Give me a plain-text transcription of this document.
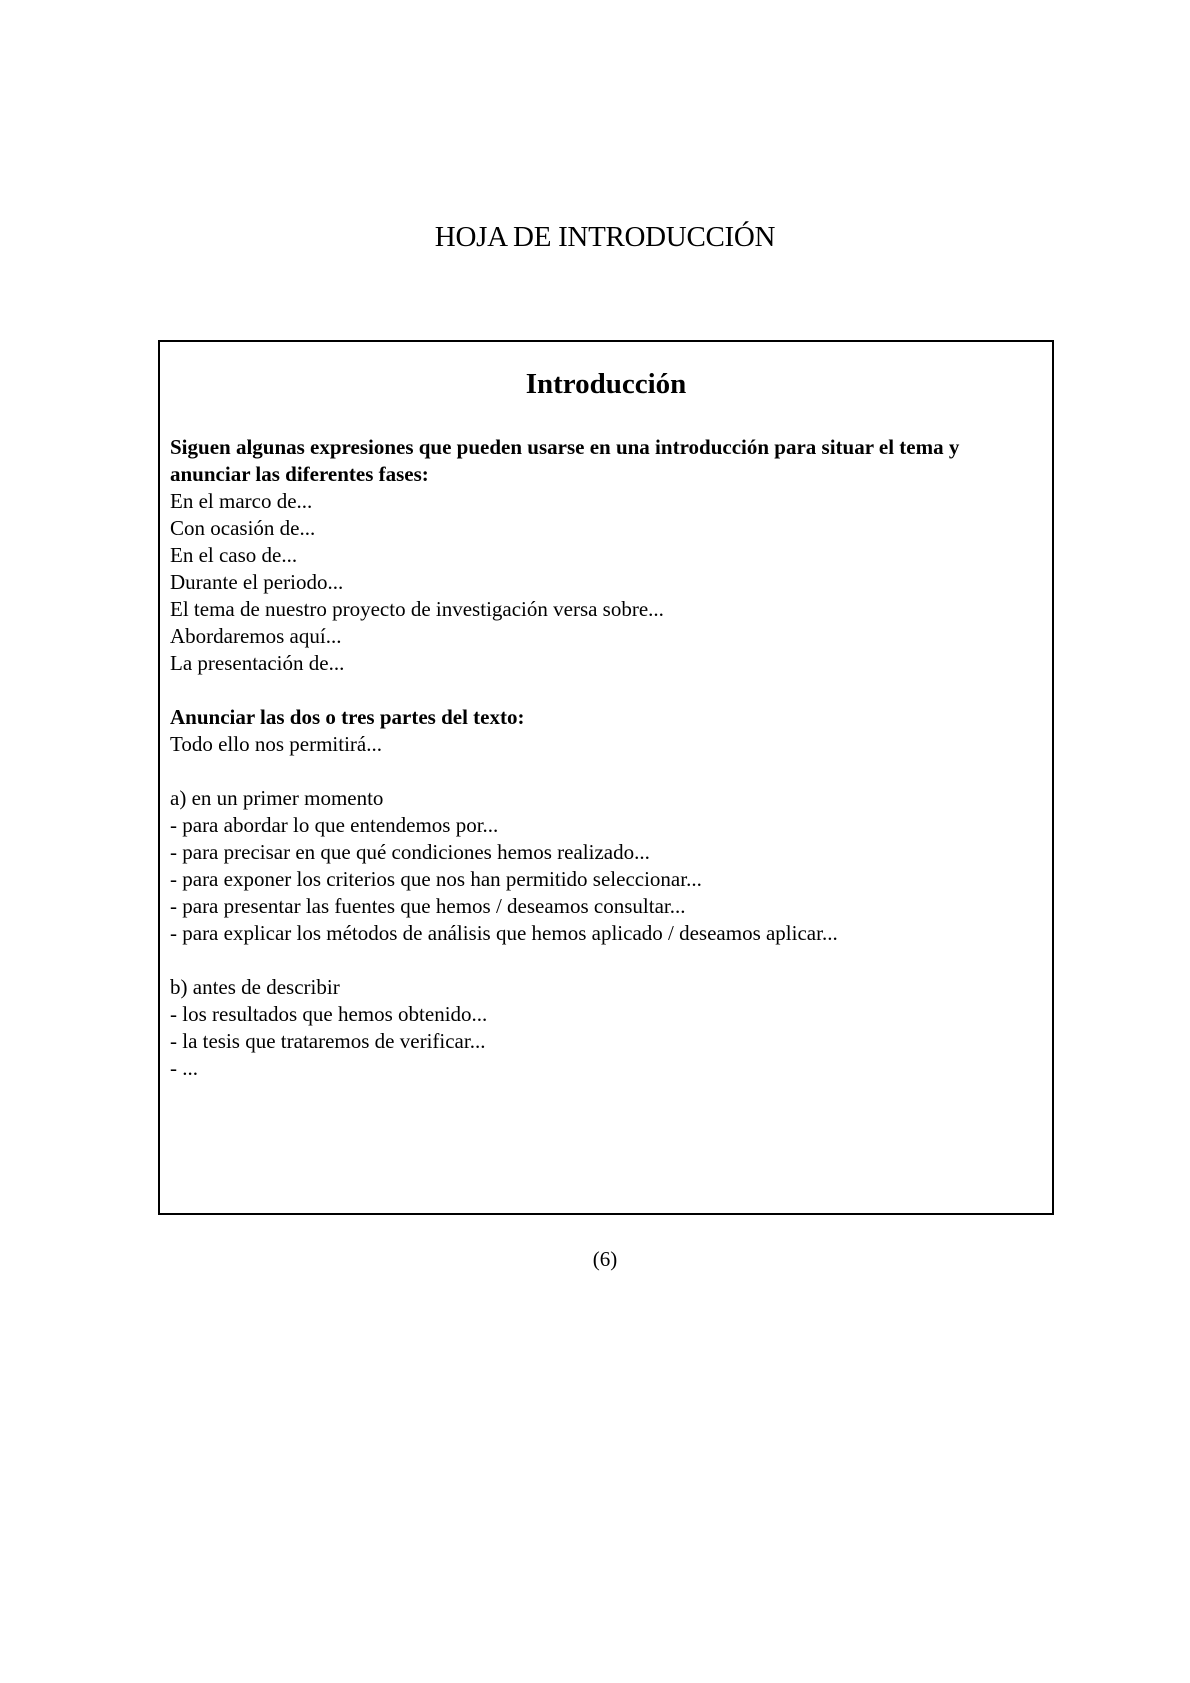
HOJA DE INTRODUCCIÓN
Introducción
Siguen algunas expresiones que pueden usarse en una introducción para situar el tema y
anunciar las diferentes fases:
En el marco de...
Con ocasión de...
En el caso de...
Durante el periodo...
El tema de nuestro proyecto de investigación versa sobre...
Abordaremos aquí...
La presentación de...
Anunciar las dos o tres partes del texto:
Todo ello nos permitirá...
a) en un primer momento
- para abordar lo que entendemos por...
- para precisar en que qué condiciones hemos realizado...
- para exponer los criterios que nos han permitido seleccionar...
- para presentar las fuentes que hemos / deseamos consultar...
- para explicar los métodos de análisis que hemos aplicado / deseamos aplicar...
b) antes de describir
- los resultados que hemos obtenido...
- la tesis que trataremos de verificar...
- ...
(6)
